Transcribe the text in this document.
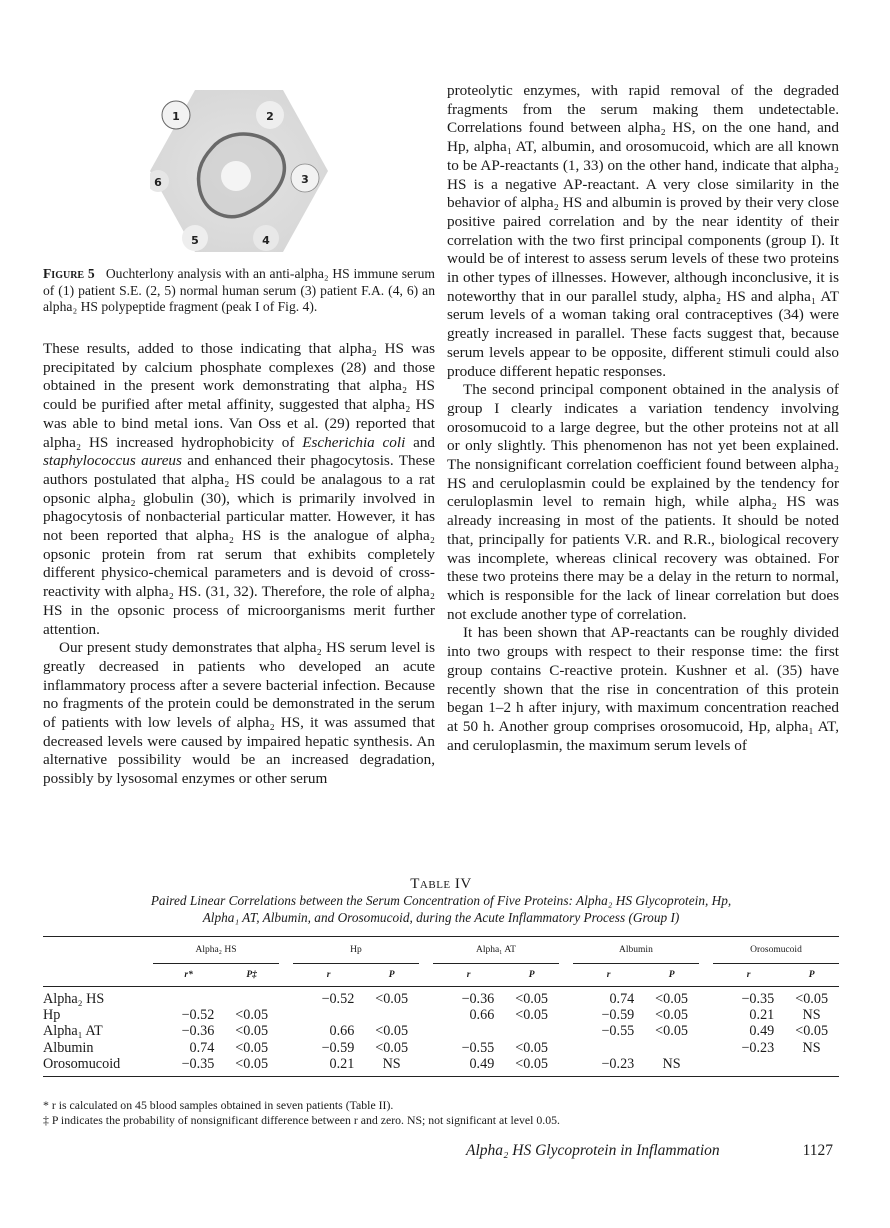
1	2
3
4
5
6
Figure 5 Ouchterlony analysis with an anti-alpha₂ HS immune serum of (1) patient S.E. (2, 5) normal human serum (3) patient F.A. (4, 6) an alpha₂ HS polypeptide fragment (peak I of Fig. 4).

These results, added to those indicating that alpha₂ HS was precipitated by calcium phosphate complexes (28) and those obtained in the present work demonstrating that alpha₂ HS could be purified after metal affinity, suggested that alpha₂ HS was able to bind metal ions. Van Oss et al. (29) reported that alpha₂ HS increased hydrophobicity of Escherichia coli and staphylococcus aureus and enhanced their phagocytosis. These authors postulated that alpha₂ HS could be analagous to a rat opsonic alpha₂ globulin (30), which is primarily involved in phagocytosis of nonbacterial particular matter. However, it has not been reported that alpha₂ HS is the analogue of alpha₂ opsonic protein from rat serum that exhibits completely different physico-chemical parameters and is devoid of cross-reactivity with alpha₂ HS. (31, 32). Therefore, the role of alpha₂ HS in the opsonic process of microorganisms merit further attention.

Our present study demonstrates that alpha₂ HS serum level is greatly decreased in patients who developed an acute inflammatory process after a severe bacterial infection. Because no fragments of the protein could be demonstrated in the serum of patients with low levels of alpha₂ HS, it was assumed that decreased levels were caused by impaired hepatic synthesis. An alternative possibility would be an increased degradation, possibly by lysosomal enzymes or other serum

proteolytic enzymes, with rapid removal of the degraded fragments from the serum making them undetectable. Correlations found between alpha₂ HS, on the one hand, and Hp, alpha₁ AT, albumin, and orosomucoid, which are all known to be AP-reactants (1, 33) on the other hand, indicate that alpha₂ HS is a negative AP-reactant. A very close similarity in the behavior of alpha₂ HS and albumin is proved by their very close positive paired correlation and by the near identity of their correlation with the two first principal components (group I). It would be of interest to assess serum levels of these two proteins in other types of illnesses. However, although inconclusive, it is noteworthy that in our parallel study, alpha₂ HS and alpha₁ AT serum levels of a woman taking oral contraceptives (34) were greatly increased in parallel. These facts suggest that, because serum levels appear to be opposite, different stimuli could also produce different hepatic responses.

The second principal component obtained in the analysis of group I clearly indicates a variation tendency involving orosomucoid to a large degree, but the other proteins not at all or only slightly. This phenomenon has not yet been explained. The nonsignificant correlation coefficient found between alpha₂ HS and ceruloplasmin could be explained by the tendency for ceruloplasmin level to remain high, while alpha₂ HS was already increasing in most of the patients. It should be noted that, principally for patients V.R. and R.R., biological recovery was incomplete, whereas clinical recovery was obtained. For these two proteins there may be a delay in the return to normal, which is responsible for the lack of linear correlation but does not exclude another type of correlation.

It has been shown that AP-reactants can be roughly divided into two groups with respect to their response time: the first group contains C-reactive protein. Kushner et al. (35) have recently shown that the rise in concentration of this protein began 1–2 h after injury, with maximum concentration reached at 50 h. Another group comprises orosomucoid, Hp, alpha₁ AT, and ceruloplasmin, the maximum serum levels of

Table IV
Paired Linear Correlations between the Serum Concentration of Five Proteins: Alpha₂ HS Glycoprotein, Hp,
Alpha₁ AT, Albumin, and Orosomucoid, during the Acute Inflammatory Process (Group I)
	Alpha₂ HS			Hp			Alpha₁ AT			Albumin			Orosomucoid	
	r*	P‡		r	P		r	P		r	P		r	P
Alpha₂ HS				−0.52	<0.05		−0.36	<0.05		0.74	<0.05		−0.35	<0.05
Hp	−0.52	<0.05					0.66	<0.05		−0.59	<0.05		0.21	NS
Alpha₁ AT	−0.36	<0.05		0.66	<0.05					−0.55	<0.05		0.49	<0.05
Albumin	0.74	<0.05		−0.59	<0.05		−0.55	<0.05					−0.23	NS
Orosomucoid	−0.35	<0.05		0.21	NS		0.49	<0.05		−0.23	NS			

* r is calculated on 45 blood samples obtained in seven patients (Table II).

‡ P indicates the probability of nonsignificant difference between r and zero. NS; not significant at level 0.05.

Alpha₂ HS Glycoprotein in Inflammation	1127
